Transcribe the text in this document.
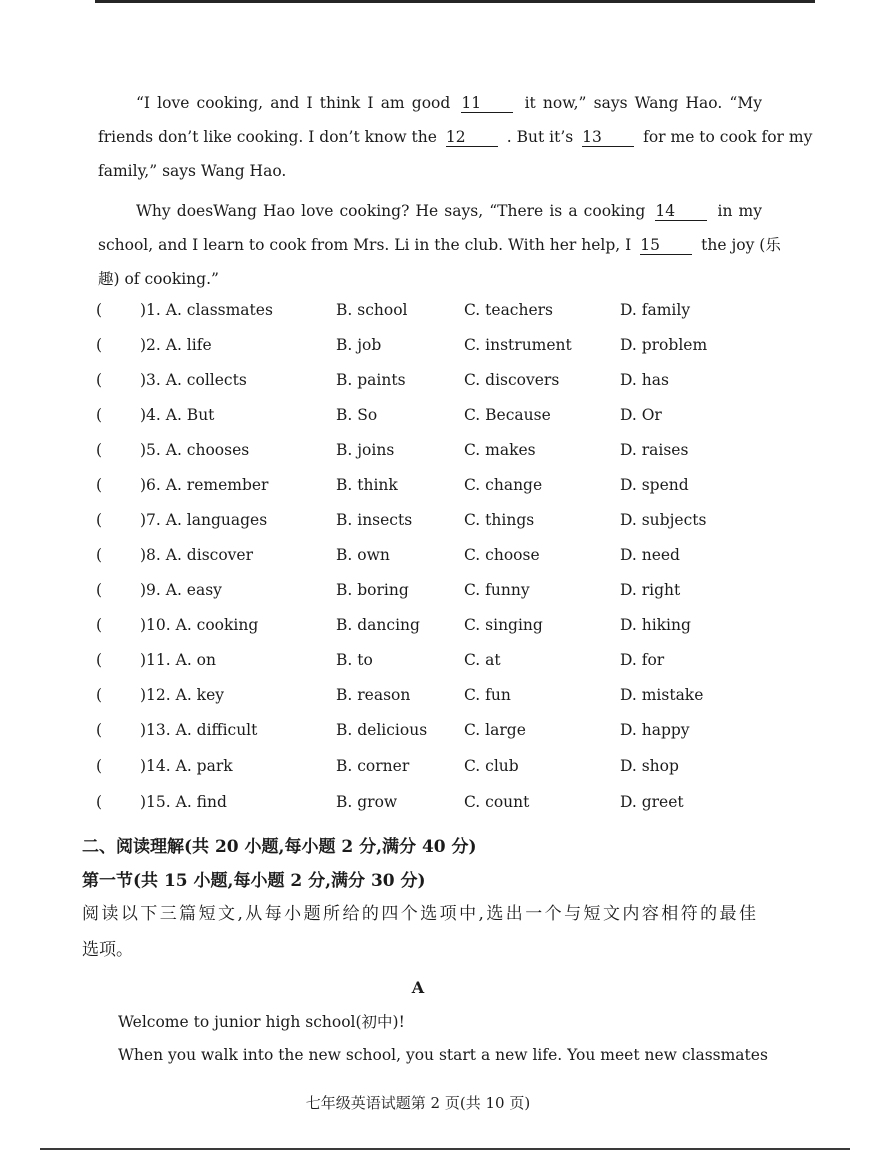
“I love cooking, and I think I am good 11	it now,” says Wang Hao. “My
friends don’t like cooking. I don’t know the 12	. But it’s 13	for me to cook for my
family,” says Wang Hao.
Why doesWang Hao love cooking? He says, “There is a cooking 14	in my
school, and I learn to cook from Mrs. Li in the club. With her help, I 15	the joy (乐
趣) of cooking.”
( )1. A. classmates	B. school	C. teachers	D. family
( )2. A. life	B. job	C. instrument	D. problem
( )3. A. collects	B. paints	C. discovers	D. has
( )4. A. But	B. So	C. Because	D. Or
( )5. A. chooses	B. joins	C. makes	D. raises
( )6. A. remember	B. think	C. change	D. spend
( )7. A. languages	B. insects	C. things	D. subjects
( )8. A. discover	B. own	C. choose	D. need
( )9. A. easy	B. boring	C. funny	D. right
( )10. A. cooking	B. dancing	C. singing	D. hiking
( )11. A. on	B. to	C. at	D. for
( )12. A. key	B. reason	C. fun	D. mistake
( )13. A. difficult	B. delicious C. large	D. happy
( )14. A. park	B. corner	C. club	D. shop
( )15. A. find	B. grow	C. count	D. greet

二、阅读理解(共 20 小题,每小题 2 分,满分 40 分)

第一节(共 15 小题,每小题 2 分,满分 30 分)

阅读以下三篇短文,从每小题所给的四个选项中,选出一个与短文内容相符的最佳
选项。

A

Welcome to junior high school(初中)!

When you walk into the new school, you start a new life. You meet new classmates

七年级英语试题第 2 页(共 10 页)
